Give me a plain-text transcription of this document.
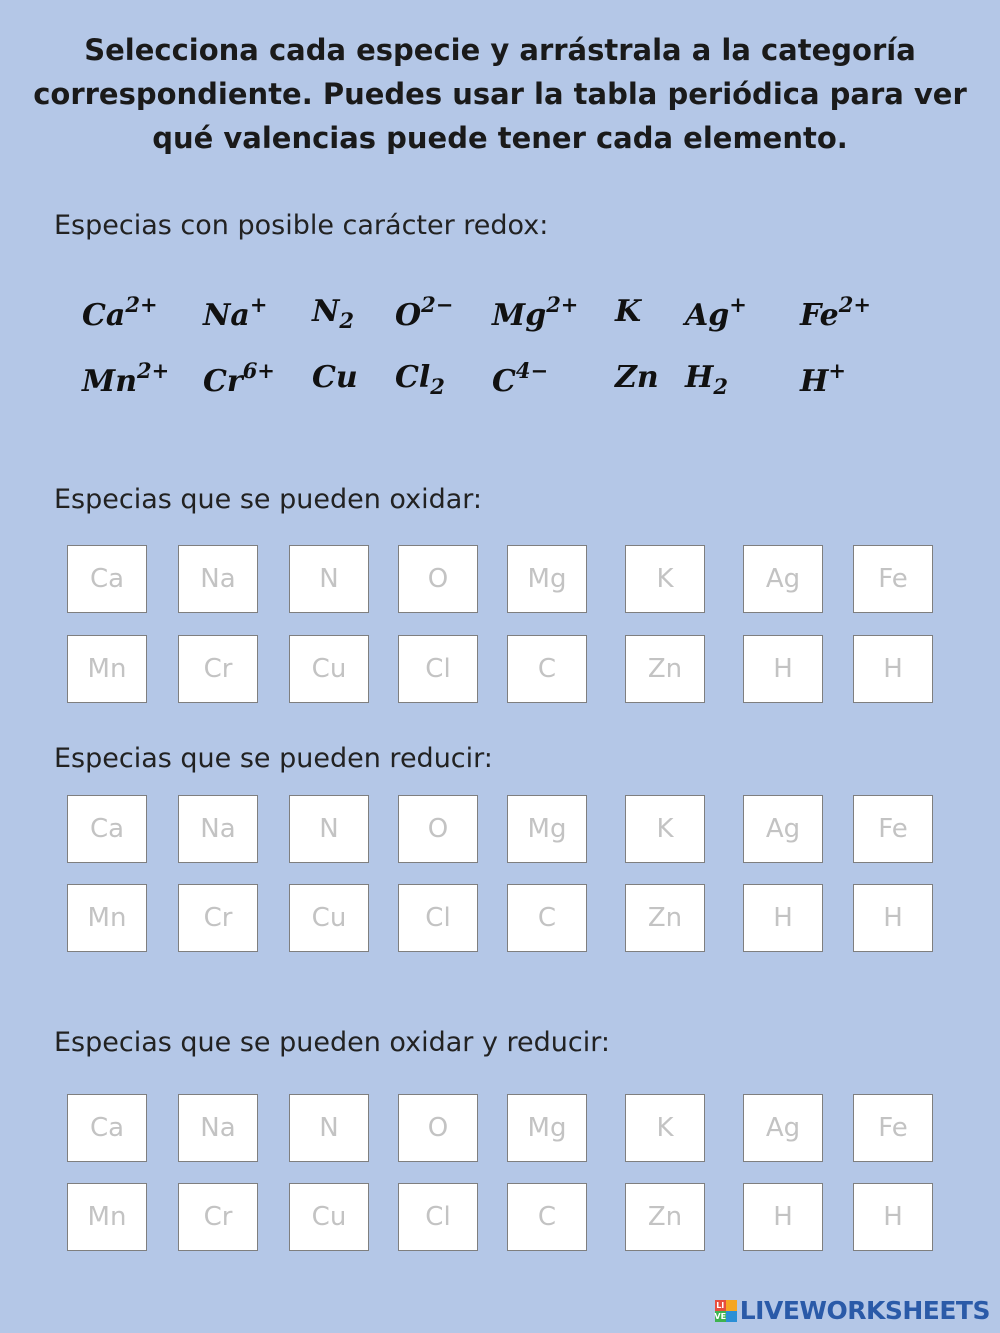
Selecciona cada especie y arrástrala a la categoría correspondiente. Puedes usar la tabla periódica para ver qué valencias puede tener cada elemento.
Especias con posible carácter redox:
$Ca^{2+}$ Na+ $N_2$ $O^{2-}$ $Mg^{2+}$ K Ag+ $Fe^{2+}$
$Mn^{2+}$ $Cr^{6+}$ Cu $Cl_2$ $C^{4-}$ Zn $H_2$ H+
Especias que se pueden oxidar:
Ca	Na	N	O	Mg	K	Ag	Fe
Mn	Cr	Cu	Cl	C	Zn	H	H
Especias que se pueden reducir:
Ca	Na	N	O	Mg	K	Ag	Fe
Mn	Cr	Cu	Cl	C	Zn	H	H
Especias que se pueden oxidar y reducir:
Ca	Na	N	O	Mg	K	Ag	Fe
Mn	Cr	Cu	Cl	C	Zn	H	H
LI
VE LIVEWORKSHEETS
